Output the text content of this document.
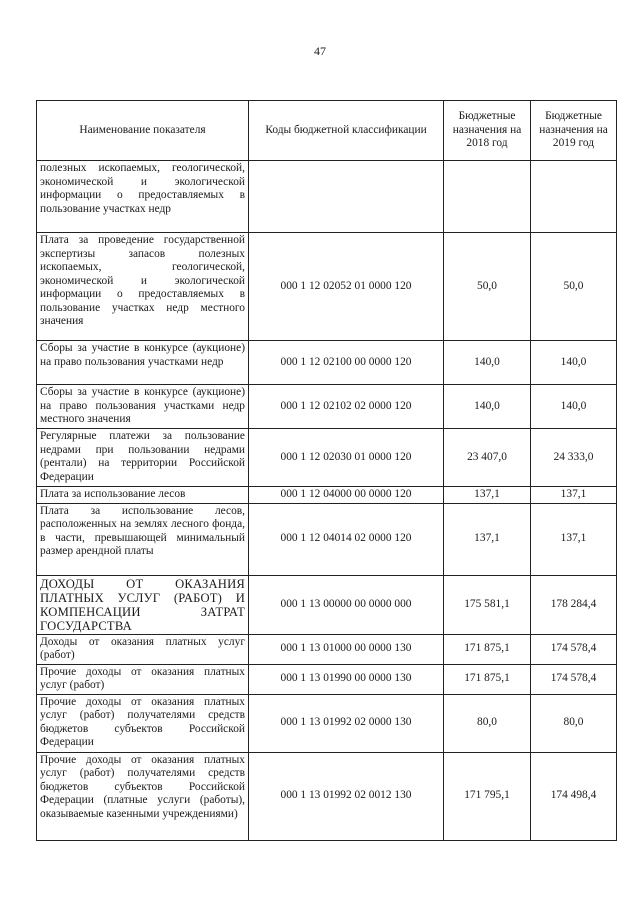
47
Наименование показателя	Коды бюджетной классификации	Бюджетные назначения на 2018 год	Бюджетные назначения на 2019 год
полезных ископаемых, геологической, экономической и экологической информации о предоставляемых в пользование участках недр			
Плата за проведение государственной экспертизы запасов полезных ископаемых, геологической, экономической и экологической информации о предоставляемых в пользование участках недр местного значения	000 1 12 02052 01 0000 120	50,0	50,0
Сборы за участие в конкурсе (аукционе) на право пользования участками недр	000 1 12 02100 00 0000 120	140,0	140,0
Сборы за участие в конкурсе (аукционе) на право пользования участками недр местного значения	000 1 12 02102 02 0000 120	140,0	140,0
Регулярные платежи за пользование недрами при пользовании недрами (рентали) на территории Российской Федерации	000 1 12 02030 01 0000 120	23 407,0	24 333,0
Плата за использование лесов	000 1 12 04000 00 0000 120	137,1	137,1
Плата за использование лесов, расположенных на землях лесного фонда, в части, превышающей минимальный размер арендной платы	000 1 12 04014 02 0000 120	137,1	137,1
ДОХОДЫ ОТ ОКАЗАНИЯ ПЛАТНЫХ УСЛУГ (РАБОТ) И КОМПЕНСАЦИИ ЗАТРАТ ГОСУДАРСТВА	000 1 13 00000 00 0000 000	175 581,1	178 284,4
Доходы от оказания платных услуг (работ)	000 1 13 01000 00 0000 130	171 875,1	174 578,4
Прочие доходы от оказания платных услуг (работ)	000 1 13 01990 00 0000 130	171 875,1	174 578,4
Прочие доходы от оказания платных услуг (работ) получателями средств бюджетов субъектов Российской Федерации	000 1 13 01992 02 0000 130	80,0	80,0
Прочие доходы от оказания платных услуг (работ) получателями средств бюджетов субъектов Российской Федерации (платные услуги (работы), оказываемые казенными учреждениями)	000 1 13 01992 02 0012 130	171 795,1	174 498,4
